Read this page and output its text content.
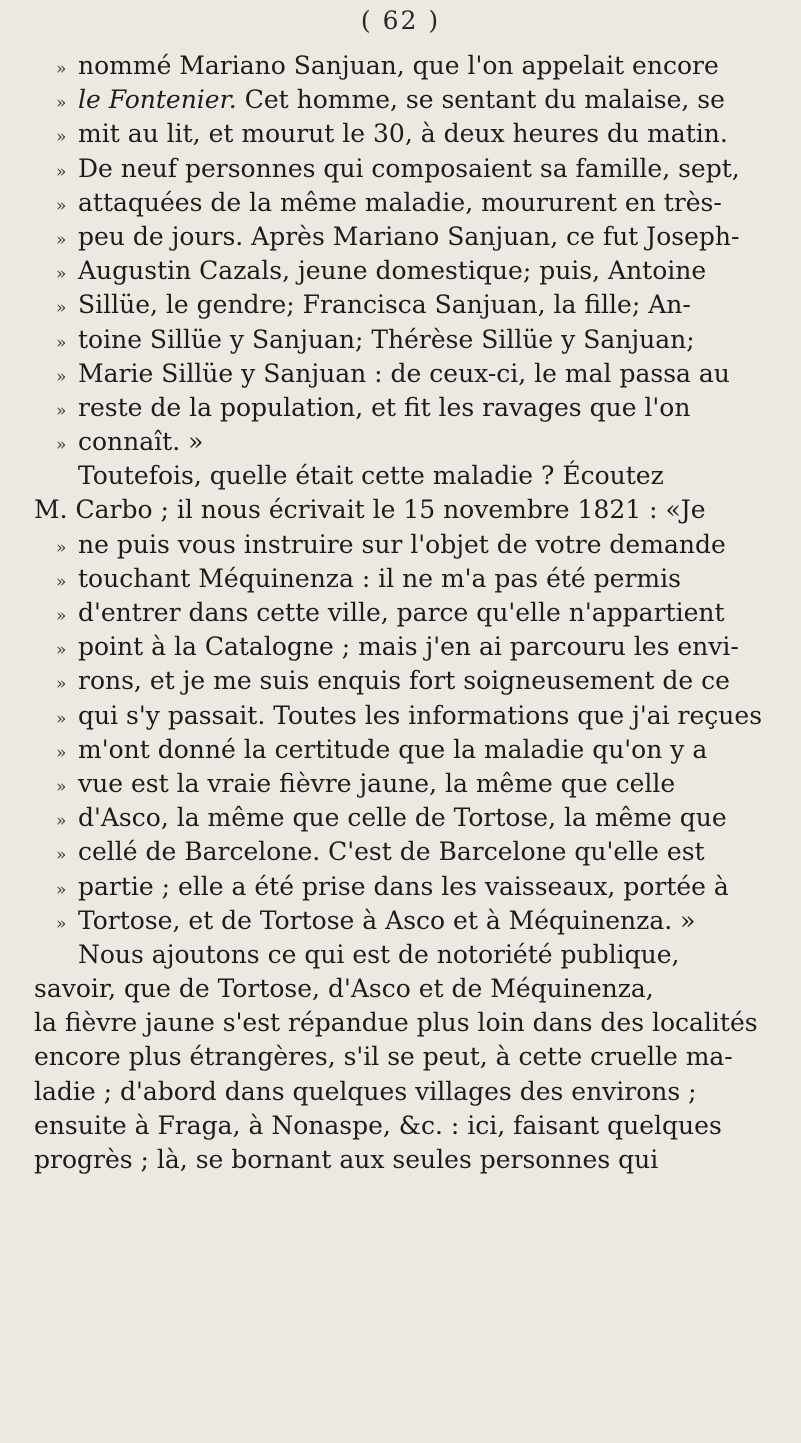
( 62 )
» nommé Mariano Sanjuan, que l'on appelait encore
» le Fontenier. Cet homme, se sentant du malaise, se
» mit au lit, et mourut le 30, à deux heures du matin.
» De neuf personnes qui composaient sa famille, sept,
» attaquées de la même maladie, moururent en très-
» peu de jours. Après Mariano Sanjuan, ce fut Joseph-
» Augustin Cazals, jeune domestique; puis, Antoine
» Sillüe, le gendre; Francisca Sanjuan, la fille; An-
» toine Sillüe y Sanjuan; Thérèse Sillüe y Sanjuan;
» Marie Sillüe y Sanjuan : de ceux-ci, le mal passa au
» reste de la population, et fit les ravages que l'on
» connaît. »
Toutefois, quelle était cette maladie ? Écoutez
M. Carbo ; il nous écrivait le 15 novembre 1821 : «Je
» ne puis vous instruire sur l'objet de votre demande
» touchant Méquinenza : il ne m'a pas été permis
» d'entrer dans cette ville, parce qu'elle n'appartient
» point à la Catalogne ; mais j'en ai parcouru les envi-
» rons, et je me suis enquis fort soigneusement de ce
» qui s'y passait. Toutes les informations que j'ai reçues
» m'ont donné la certitude que la maladie qu'on y a
» vue est la vraie fièvre jaune, la même que celle
» d'Asco, la même que celle de Tortose, la même que
» cellé de Barcelone. C'est de Barcelone qu'elle est
» partie ; elle a été prise dans les vaisseaux, portée à
» Tortose, et de Tortose à Asco et à Méquinenza. »
Nous ajoutons ce qui est de notoriété publique,
savoir, que de Tortose, d'Asco et de Méquinenza,
la fièvre jaune s'est répandue plus loin dans des localités
encore plus étrangères, s'il se peut, à cette cruelle ma-
ladie ; d'abord dans quelques villages des environs ;
ensuite à Fraga, à Nonaspe, &c. : ici, faisant quelques
progrès ; là, se bornant aux seules personnes qui
